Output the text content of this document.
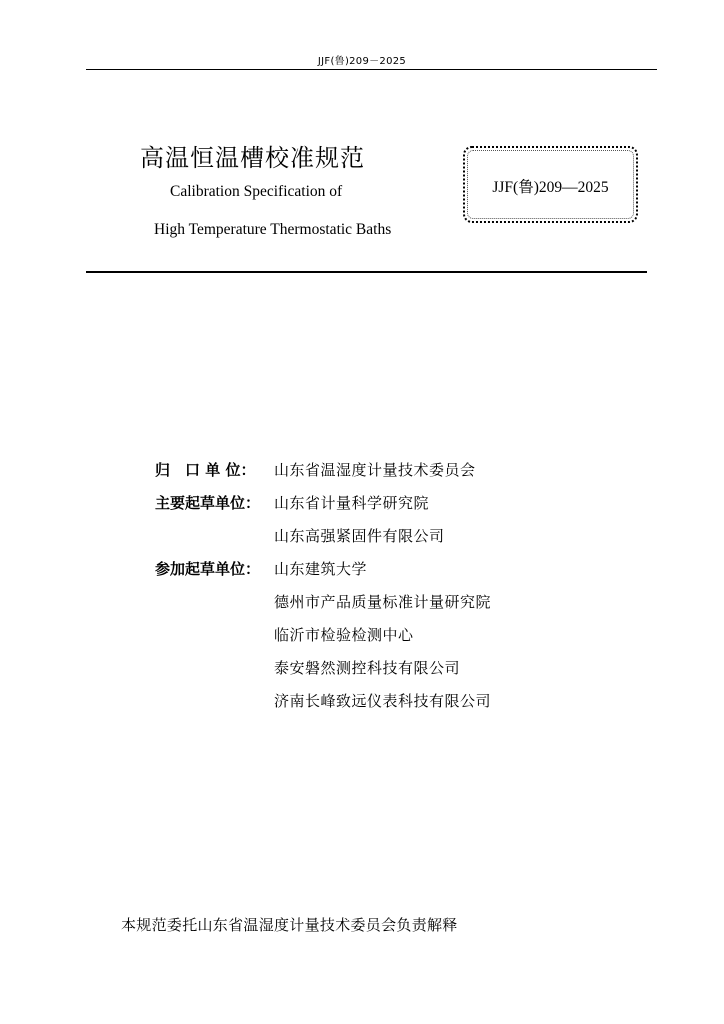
JJF(鲁)209－2025
高温恒温槽校准规范
Calibration Specification of
High Temperature Thermostatic Baths
JJF(鲁)209—2025
归　口 单 位： 山东省温湿度计量技术委员会
主要起草单位： 山东省计量科学研究院
山东高强紧固件有限公司
参加起草单位： 山东建筑大学
德州市产品质量标准计量研究院
临沂市检验检测中心
泰安磐然测控科技有限公司
济南长峰致远仪表科技有限公司
本规范委托山东省温湿度计量技术委员会负责解释
